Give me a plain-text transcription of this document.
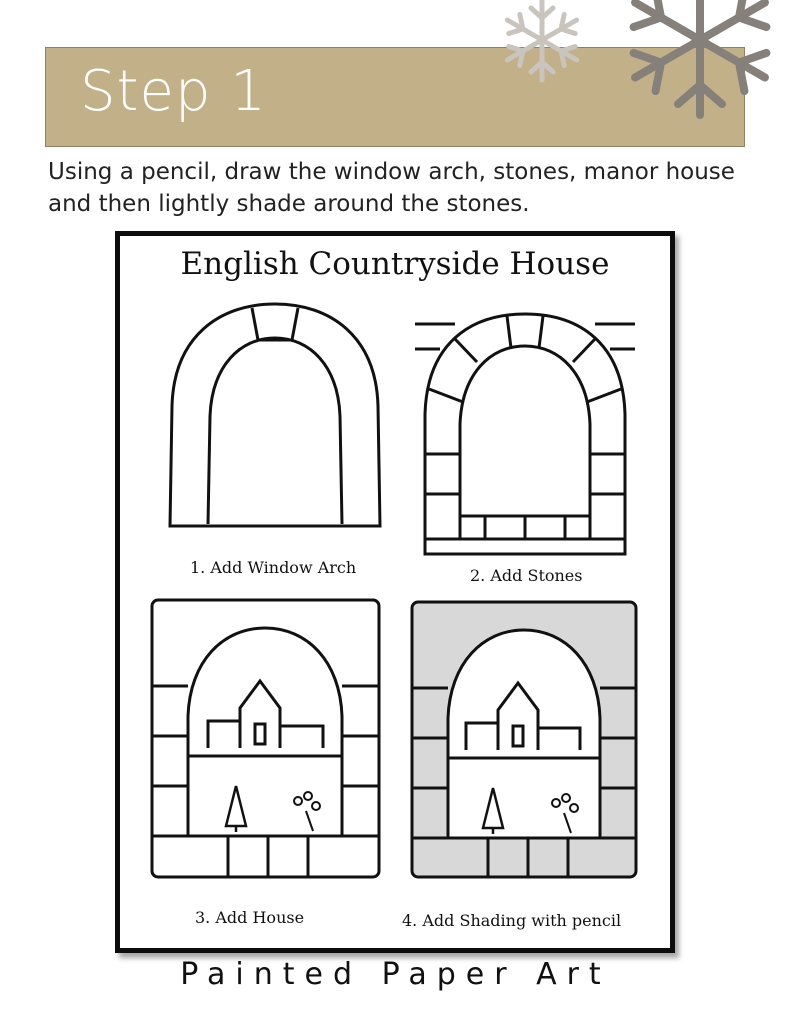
Step 1
Using a pencil, draw the window arch, stones, manor house and then lightly shade around the stones.
English Countryside House
1. Add Window Arch	2. Add Stones
3. Add House	4. Add Shading with pencil
Painted Paper Art
